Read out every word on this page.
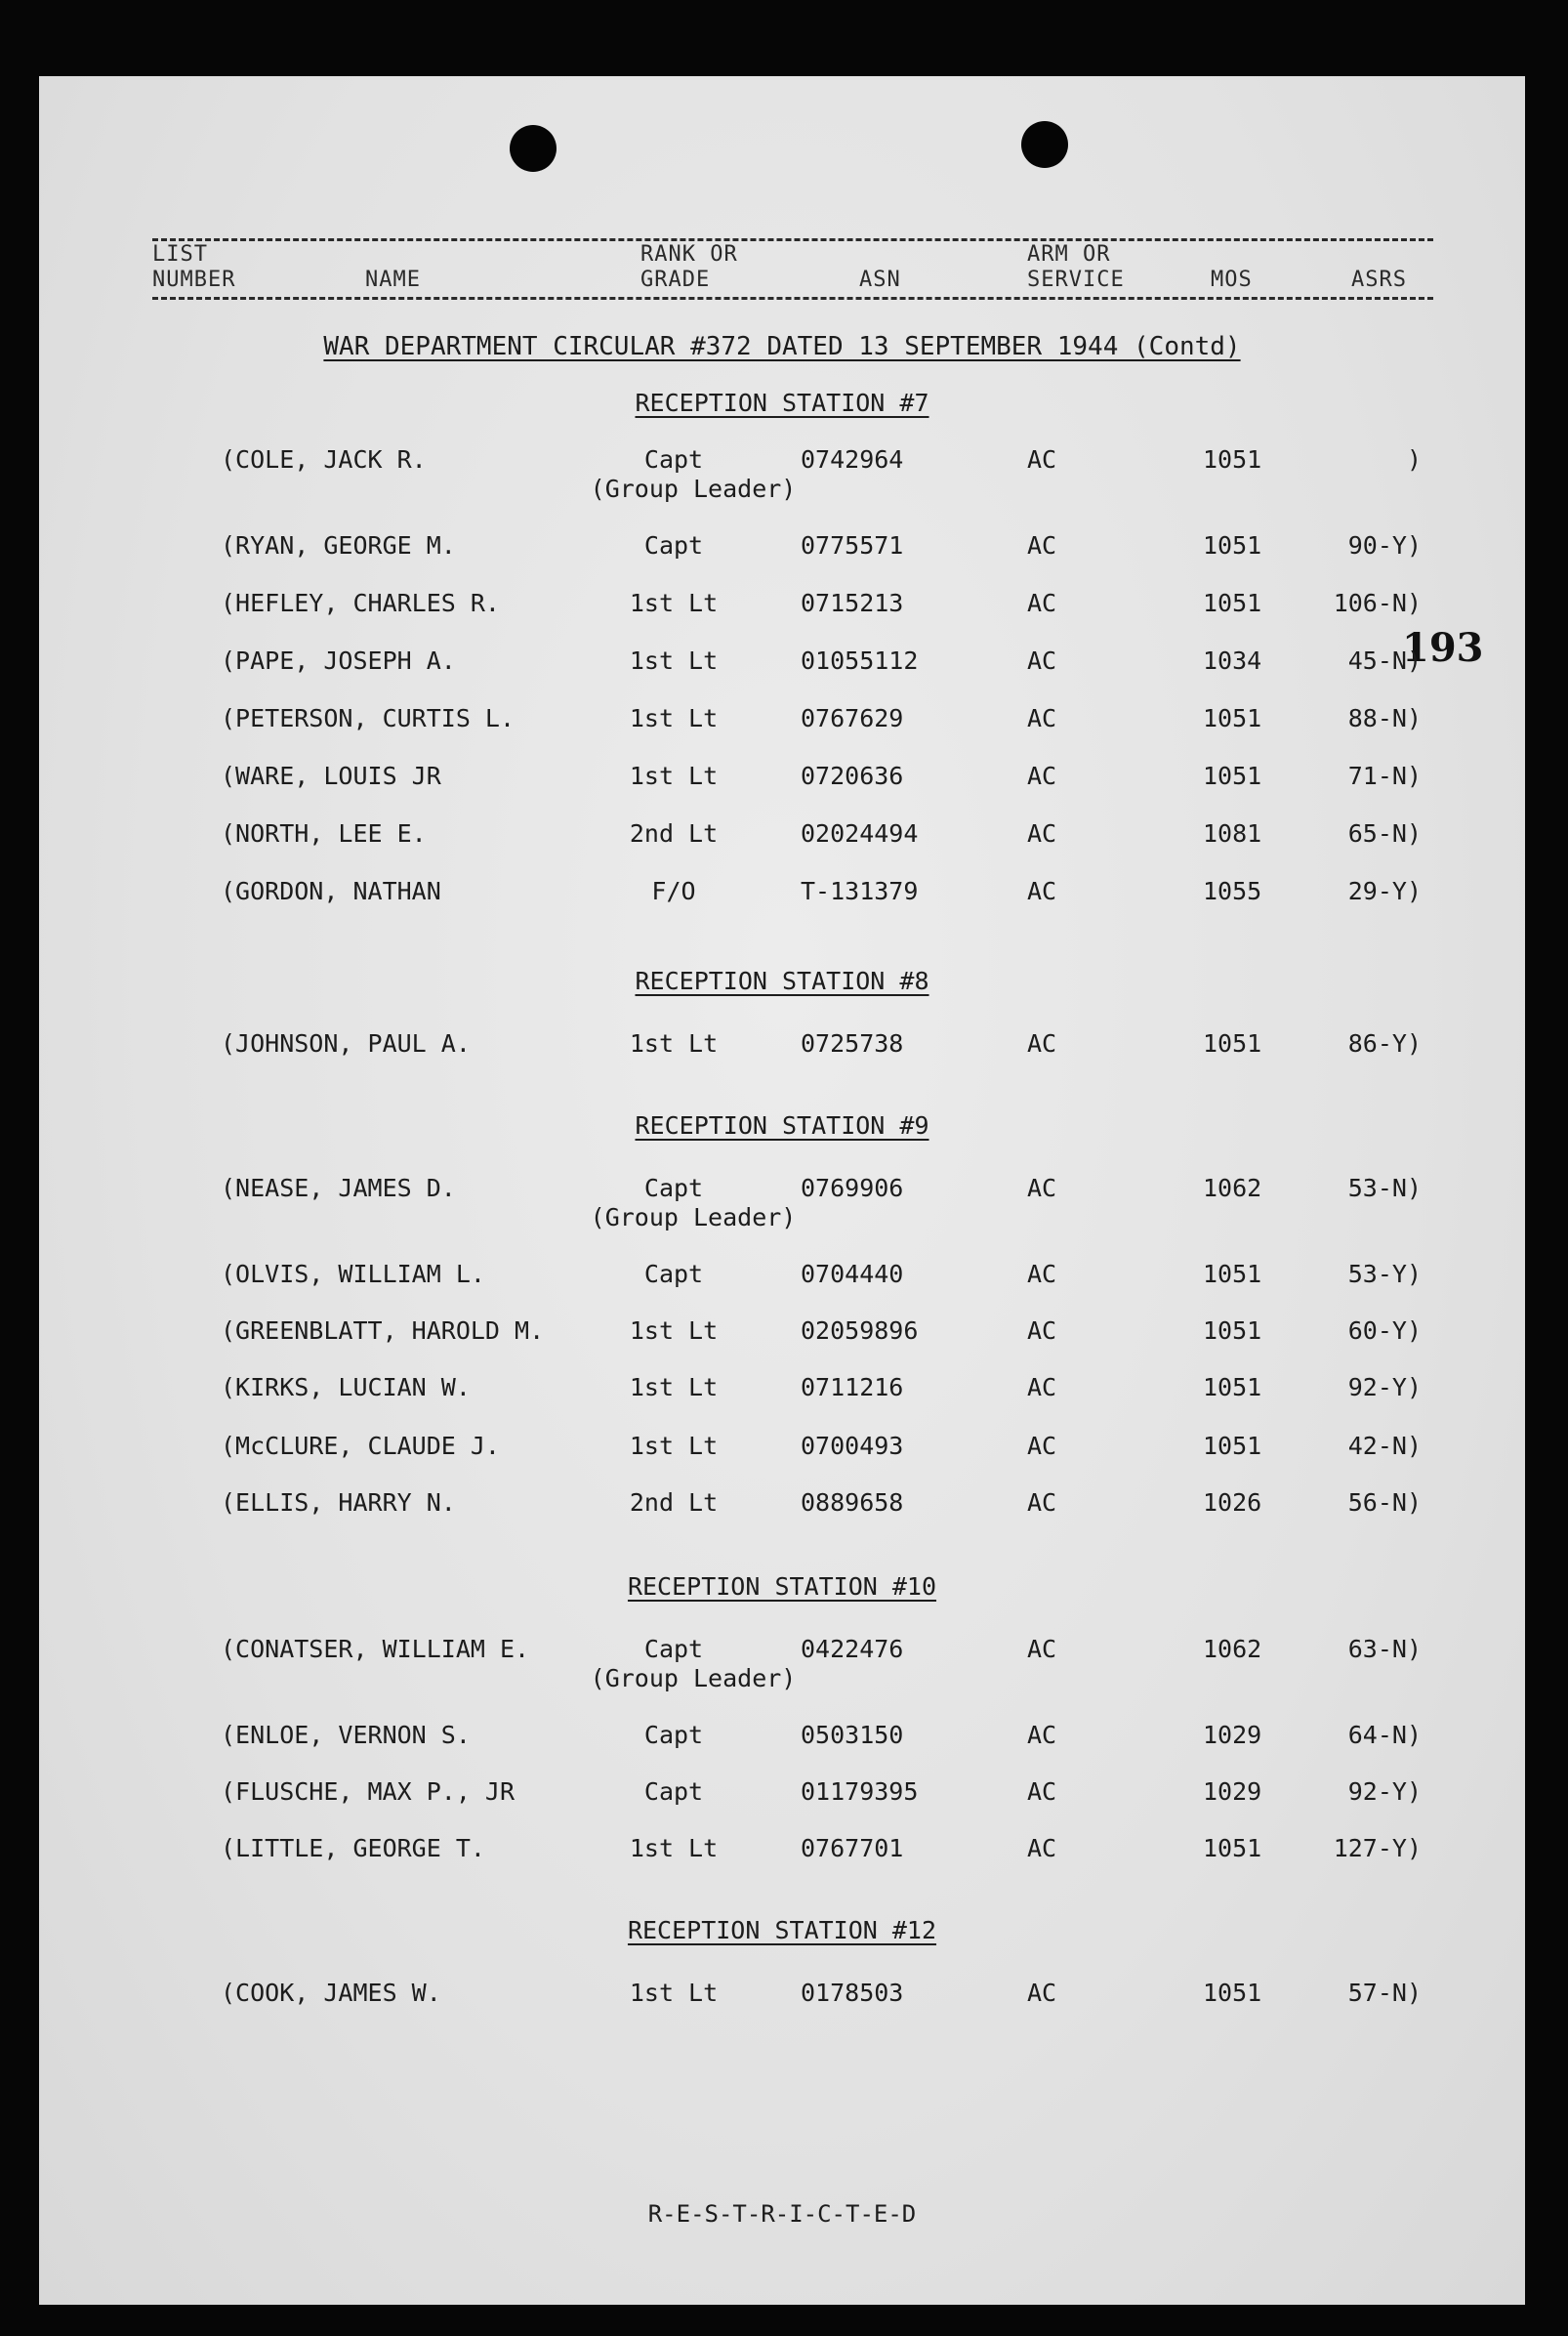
LIST
NUMBER	NAME
RANK OR
GRADE	ASN
ARM OR
SERVICE	MOS	ASRS
WAR DEPARTMENT CIRCULAR #372 DATED 13 SEPTEMBER 1944 (Contd)
193
RECEPTION STATION #7
(COLE, JACK R.	Capt	0742964	AC	1051	)
(Group Leader)
(RYAN, GEORGE M.	Capt	0775571	AC	1051	90-Y)
(HEFLEY, CHARLES R.	1st Lt	0715213	AC	1051	106-N)
(PAPE, JOSEPH A.	1st Lt	01055112	AC	1034	45-N)
(PETERSON, CURTIS L.	1st Lt	0767629	AC	1051	88-N)
(WARE, LOUIS JR	1st Lt	0720636	AC	1051	71-N)
(NORTH, LEE E.	2nd Lt	02024494	AC	1081	65-N)
(GORDON, NATHAN	F/O	T-131379	AC	1055	29-Y)
RECEPTION STATION #8
(JOHNSON, PAUL A.	1st Lt	0725738	AC	1051	86-Y)
RECEPTION STATION #9
(NEASE, JAMES D.	Capt	0769906	AC	1062	53-N)
(Group Leader)
(OLVIS, WILLIAM L.	Capt	0704440	AC	1051	53-Y)
(GREENBLATT, HAROLD M.	1st Lt	02059896	AC	1051	60-Y)
(KIRKS, LUCIAN W.	1st Lt	0711216	AC	1051	92-Y)
(McCLURE, CLAUDE J.	1st Lt	0700493	AC	1051	42-N)
(ELLIS, HARRY N.	2nd Lt	0889658	AC	1026	56-N)
RECEPTION STATION #10
(CONATSER, WILLIAM E.	Capt	0422476	AC	1062	63-N)
(Group Leader)
(ENLOE, VERNON S.	Capt	0503150	AC	1029	64-N)
(FLUSCHE, MAX P., JR	Capt	01179395	AC	1029	92-Y)
(LITTLE, GEORGE T.	1st Lt	0767701	AC	1051	127-Y)
RECEPTION STATION #12
(COOK, JAMES W.	1st Lt	0178503	AC	1051	57-N)
R-E-S-T-R-I-C-T-E-D
